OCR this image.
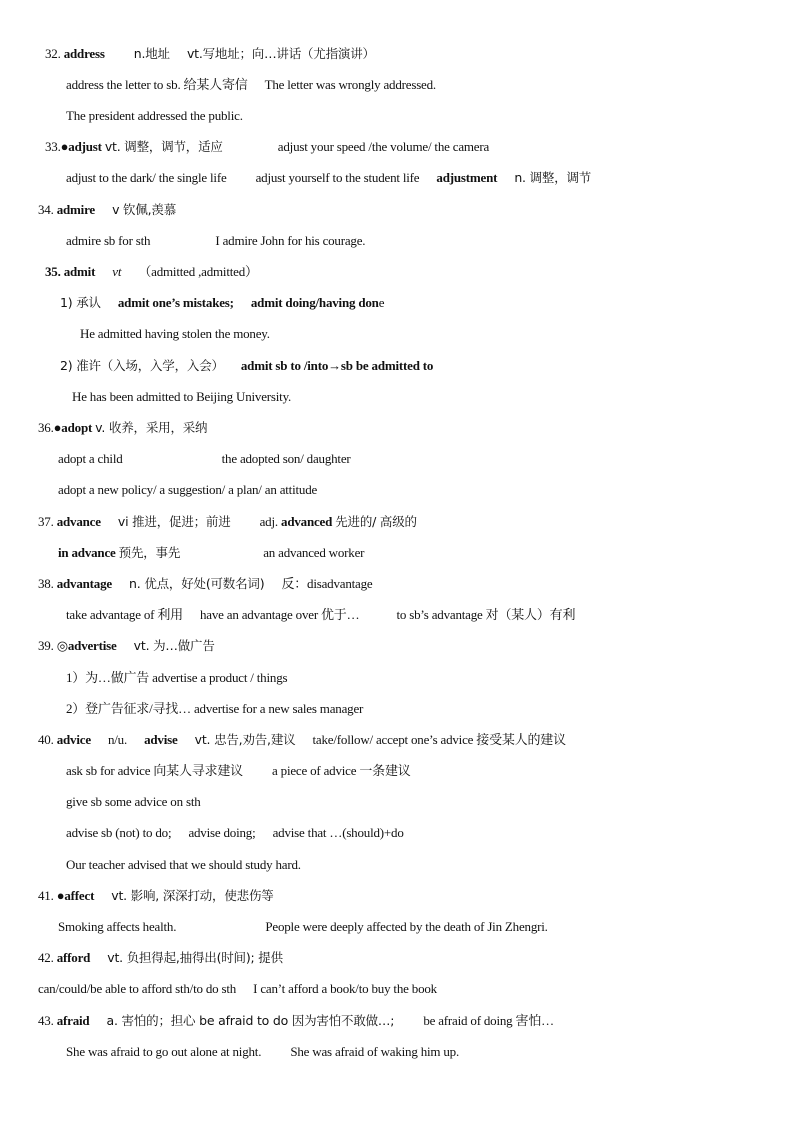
32. address n.地址 vt.写地址；向…讲话（尤指演讲）
address the letter to sb. 给某人寄信 The letter was wrongly addressed.
The president addressed the public.
33.●adjust vt. 调整，调节，适应	adjust your speed /the volume/ the camera
adjust to the dark/ the single life adjust yourself to the student life adjustment n. 调整，调节
34. admire v 钦佩,羡慕
admire sb for sth	I admire John for his courage.
35. admit vt （admitted ,admitted）
1) 承认 admit one’s mistakes; admit doing/having done
He admitted having stolen the money.
2) 准许（入场，入学，入会） admit sb to /into→sb be admitted to
He has been admitted to Beijing University.
36.●adopt v. 收养，采用，采纳
adopt a child	the adopted son/ daughter
adopt a new policy/ a suggestion/ a plan/ an attitude
37. advance vi 推进，促进；前进 adj. advanced 先进的/ 高级的
in advance 预先，事先	an advanced worker
38. advantage n. 优点，好处(可数名词) 反：disadvantage
take advantage of 利用 have an advantage over 优于…	to sb’s advantage 对（某人）有利
39. ◎advertise vt. 为…做广告
1）为…做广告 advertise a product / things
2）登广告征求/寻找… advertise for a new sales manager
40. advice n/u. advise vt. 忠告,劝告,建议 take/follow/ accept one’s advice 接受某人的建议
ask sb for advice 向某人寻求建议 a piece of advice 一条建议
give sb some advice on sth
advise sb (not) to do; advise doing; advise that …(should)+do
Our teacher advised that we should study hard.
41. ●affect vt. 影响, 深深打动，使悲伤等
Smoking affects health.	People were deeply affected by the death of Jin Zhengri.
42. afford vt. 负担得起,抽得出(时间); 提供
can/could/be able to afford sth/to do sth I can’t afford a book/to buy the book
43. afraid a. 害怕的；担心 be afraid to do 因为害怕不敢做…; be afraid of doing 害怕…
She was afraid to go out alone at night. She was afraid of waking him up.
